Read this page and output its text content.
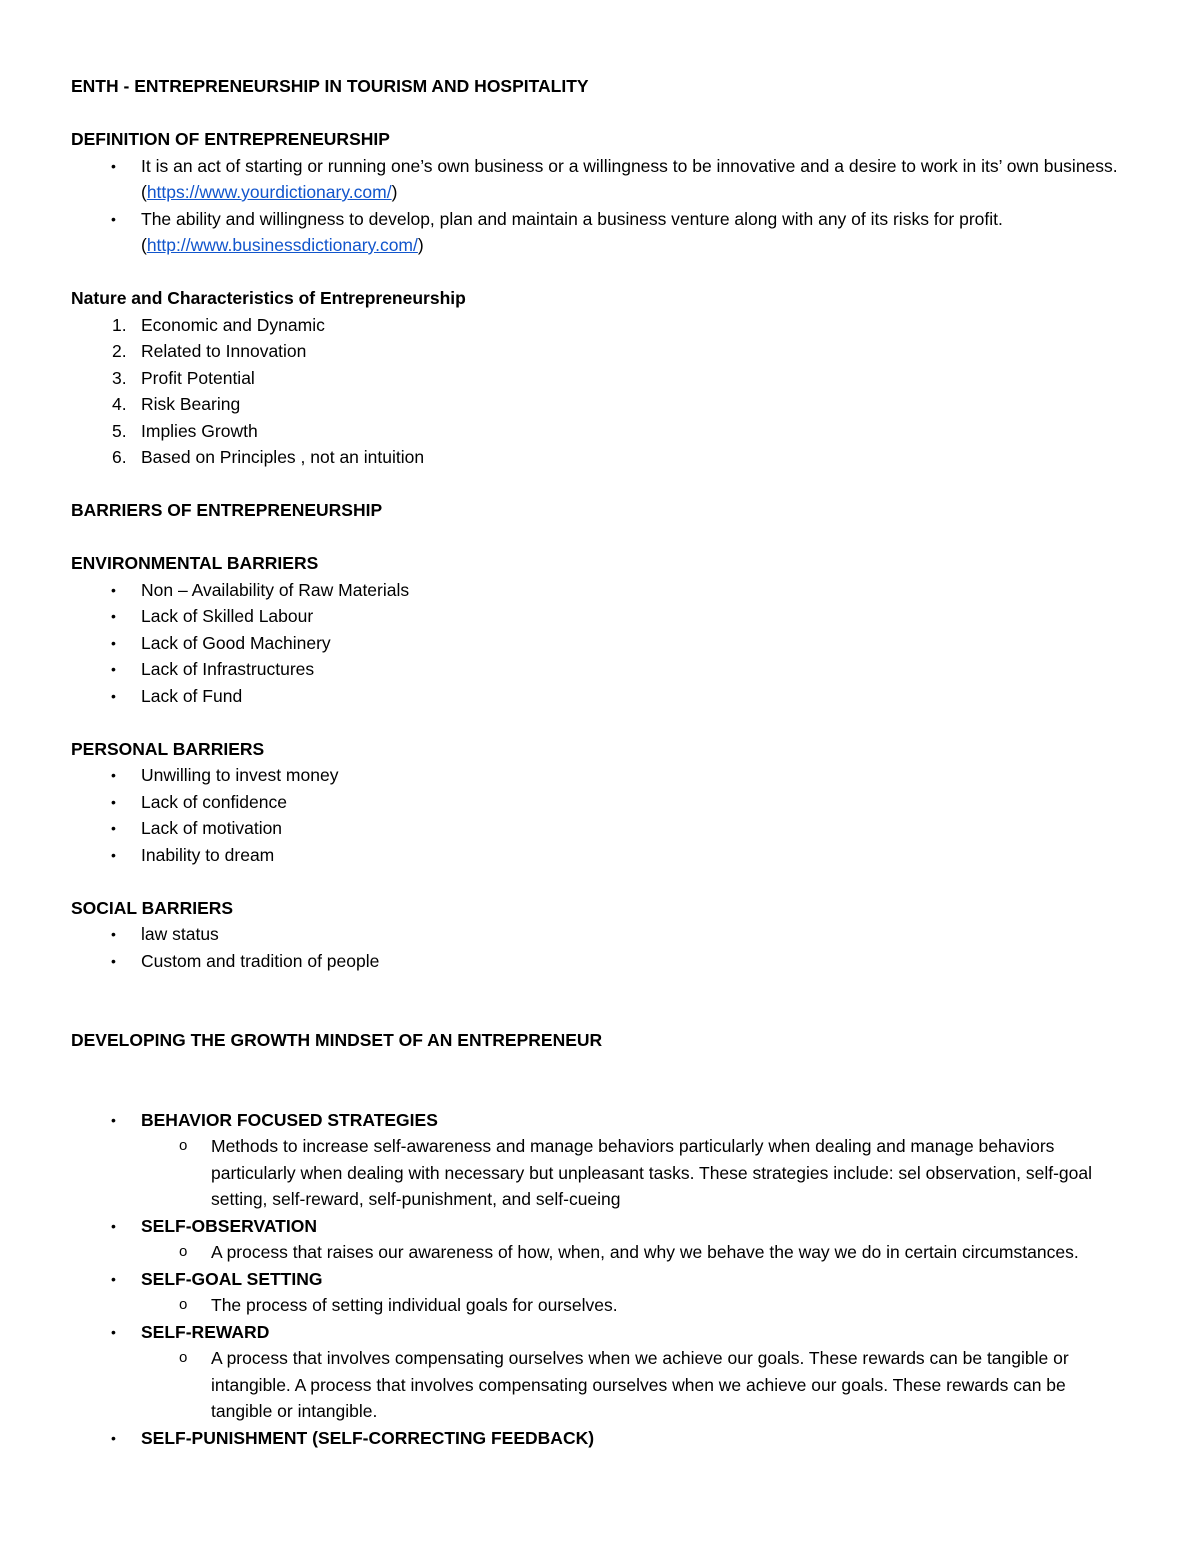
ENTH - ENTREPRENEURSHIP IN TOURISM AND HOSPITALITY
DEFINITION OF ENTREPRENEURSHIP
•	It is an act of starting or running one’s own business or a willingness to be innovative and a desire to work in its’ own business.(https://www.yourdictionary.com/)
•	The ability and willingness to develop, plan and maintain a business venture along with any of its risks for profit. (http://www.businessdictionary.com/)
Nature and Characteristics of Entrepreneurship
1. Economic and Dynamic
2. Related to Innovation
3. Profit Potential
4. Risk Bearing
5. Implies Growth
6. Based on Principles , not an intuition
BARRIERS OF ENTREPRENEURSHIP
ENVIRONMENTAL BARRIERS
•	Non – Availability of Raw Materials
•	Lack of Skilled Labour
•	Lack of Good Machinery
•	Lack of Infrastructures
•	Lack of Fund
PERSONAL BARRIERS
•	Unwilling to invest money
•	Lack of confidence
•	Lack of motivation
•	Inability to dream
SOCIAL BARRIERS
•	law status
•	Custom and tradition of people
DEVELOPING THE GROWTH MINDSET OF AN ENTREPRENEUR
•	BEHAVIOR FOCUSED STRATEGIES
o Methods to increase self-awareness and manage behaviors particularly when dealing and manage behaviors particularly when dealing with necessary but unpleasant tasks. These strategies include: sel observation, self-goal setting, self-reward, self-punishment, and self-cueing
•	SELF-OBSERVATION
o A process that raises our awareness of how, when, and why we behave the way we do in certain circumstances.
•	SELF-GOAL SETTING
o The process of setting individual goals for ourselves.
•	SELF-REWARD
o A process that involves compensating ourselves when we achieve our goals. These rewards can be tangible or intangible. A process that involves compensating ourselves when we achieve our goals. These rewards can be tangible or intangible.
•	SELF-PUNISHMENT (SELF-CORRECTING FEEDBACK)
